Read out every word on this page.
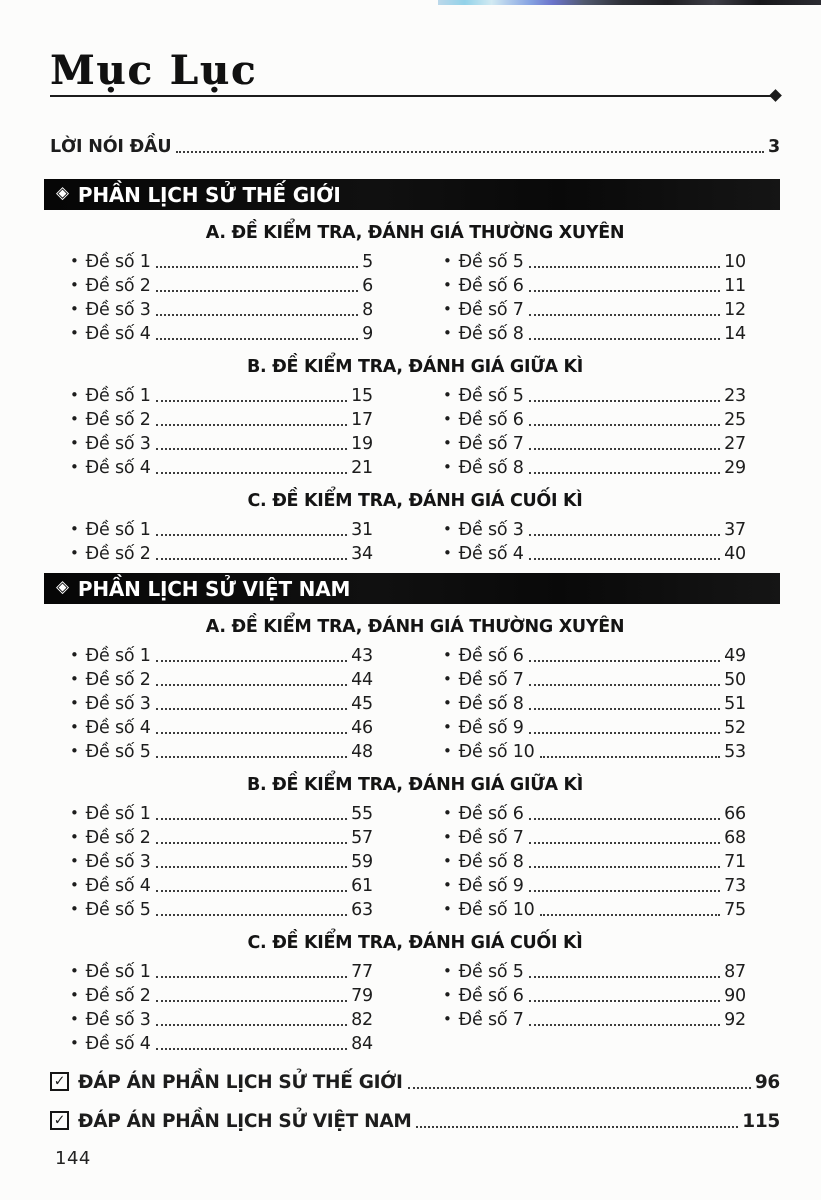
Mục Lục
LỜI NÓI ĐẦU	3
◈ PHẦN LỊCH SỬ THẾ GIỚI
A. ĐỀ KIỂM TRA, ĐÁNH GIÁ THƯỜNG XUYÊN
• Đề số 1	5
• Đề số 2	6
• Đề số 3	8
• Đề số 4	9
• Đề số 5	10
• Đề số 6	11
• Đề số 7	12
• Đề số 8	14
B. ĐỀ KIỂM TRA, ĐÁNH GIÁ GIỮA KÌ
• Đề số 1	15
• Đề số 2	17
• Đề số 3	19
• Đề số 4	21
• Đề số 5	23
• Đề số 6	25
• Đề số 7	27
• Đề số 8	29
C. ĐỀ KIỂM TRA, ĐÁNH GIÁ CUỐI KÌ
• Đề số 1	31
• Đề số 2	34
• Đề số 3	37
• Đề số 4	40
◈ PHẦN LỊCH SỬ VIỆT NAM
A. ĐỀ KIỂM TRA, ĐÁNH GIÁ THƯỜNG XUYÊN
• Đề số 1	43
• Đề số 2	44
• Đề số 3	45
• Đề số 4	46
• Đề số 5	48
• Đề số 6	49
• Đề số 7	50
• Đề số 8	51
• Đề số 9	52
• Đề số 10	53
B. ĐỀ KIỂM TRA, ĐÁNH GIÁ GIỮA KÌ
• Đề số 1	55
• Đề số 2	57
• Đề số 3	59
• Đề số 4	61
• Đề số 5	63
• Đề số 6	66
• Đề số 7	68
• Đề số 8	71
• Đề số 9	73
• Đề số 10	75
C. ĐỀ KIỂM TRA, ĐÁNH GIÁ CUỐI KÌ
• Đề số 1	77
• Đề số 2	79
• Đề số 3	82
• Đề số 4	84
• Đề số 5	87
• Đề số 6	90
• Đề số 7	92
✓ ĐÁP ÁN PHẦN LỊCH SỬ THẾ GIỚI	96
✓ ĐÁP ÁN PHẦN LỊCH SỬ VIỆT NAM	115
144
